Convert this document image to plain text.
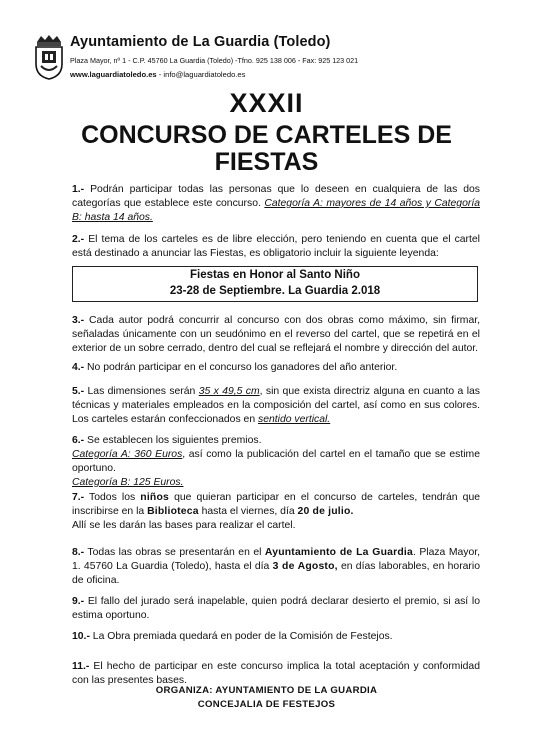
Ayuntamiento de La Guardia (Toledo)
Plaza Mayor, nº 1 - C.P. 45760 La Guardia (Toledo) -Tfno. 925 138 006 - Fax: 925 123 021
www.laguardiatoledo.es - info@laguardiatoledo.es
XXXII
CONCURSO DE CARTELES DE
FIESTAS
1.- Podrán participar todas las personas que lo deseen en cualquiera de las dos categorías que establece este concurso. Categoría A: mayores de 14 años y Categoría B: hasta 14 años.
2.- El tema de los carteles es de libre elección, pero teniendo en cuenta que el cartel está destinado a anunciar las Fiestas, es obligatorio incluir la siguiente leyenda:
Fiestas en Honor al Santo Niño
23-28 de Septiembre. La Guardia 2.018
3.- Cada autor podrá concurrir al concurso con dos obras como máximo, sin firmar, señaladas únicamente con un seudónimo en el reverso del cartel, que se repetirá en el exterior de un sobre cerrado, dentro del cual se reflejará el nombre y dirección del autor.
4.- No podrán participar en el concurso los ganadores del año anterior.
5.- Las dimensiones serán 35 x 49,5 cm, sin que exista directriz alguna en cuanto a las técnicas y materiales empleados en la composición del cartel, así como en sus colores. Los carteles estarán confeccionados en sentido vertical.
6.- Se establecen los siguientes premios.
Categoría A: 360 Euros, así como la publicación del cartel en el tamaño que se estime oportuno.
Categoría B: 125 Euros.
7.- Todos los niños que quieran participar en el concurso de carteles, tendrán que inscribirse en la Biblioteca hasta el viernes, día 20 de julio.
Allí se les darán las bases para realizar el cartel.
8.- Todas las obras se presentarán en el Ayuntamiento de La Guardia. Plaza Mayor, 1. 45760 La Guardia (Toledo), hasta el día 3 de Agosto, en días laborables, en horario de oficina.
9.- El fallo del jurado será inapelable, quien podrá declarar desierto el premio, si así lo estima oportuno.
10.- La Obra premiada quedará en poder de la Comisión de Festejos.
11.- El hecho de participar en este concurso implica la total aceptación y conformidad con las presentes bases.
ORGANIZA: AYUNTAMIENTO DE LA GUARDIA
CONCEJALIA DE FESTEJOS
